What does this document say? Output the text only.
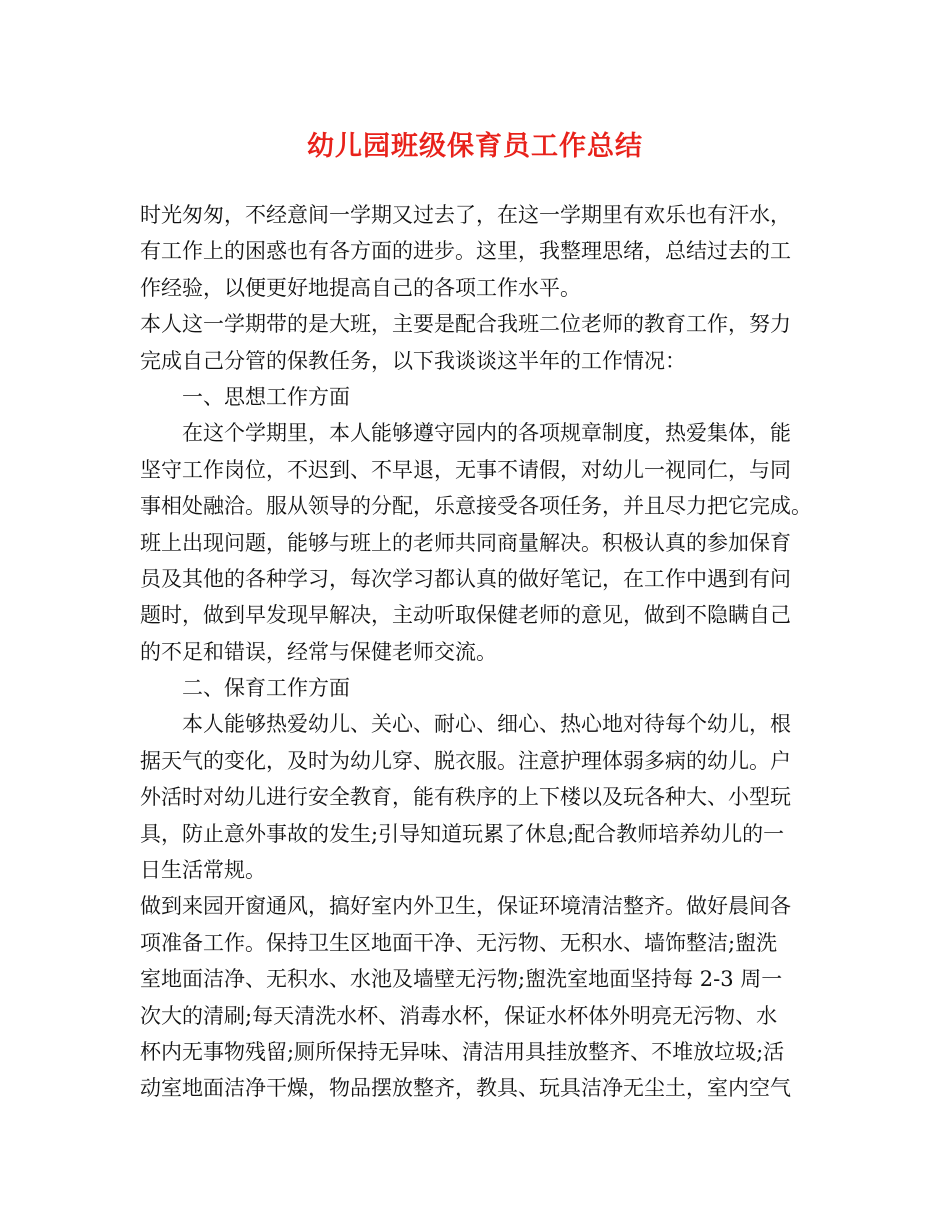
幼儿园班级保育员工作总结
时光匆匆，不经意间一学期又过去了，在这一学期里有欢乐也有汗水，
有工作上的困惑也有各方面的进步。这里，我整理思绪，总结过去的工
作经验，以便更好地提高自己的各项工作水平。
本人这一学期带的是大班，主要是配合我班二位老师的教育工作，努力
完成自己分管的保教任务，以下我谈谈这半年的工作情况：
一、思想工作方面
在这个学期里，本人能够遵守园内的各项规章制度，热爱集体，能
坚守工作岗位，不迟到、不早退，无事不请假，对幼儿一视同仁，与同
事相处融洽。服从领导的分配，乐意接受各项任务，并且尽力把它完成。
班上出现问题，能够与班上的老师共同商量解决。积极认真的参加保育
员及其他的各种学习，每次学习都认真的做好笔记，在工作中遇到有问
题时，做到早发现早解决，主动听取保健老师的意见，做到不隐瞒自己
的不足和错误，经常与保健老师交流。
二、保育工作方面
本人能够热爱幼儿、关心、耐心、细心、热心地对待每个幼儿，根
据天气的变化，及时为幼儿穿、脱衣服。注意护理体弱多病的幼儿。户
外活时对幼儿进行安全教育，能有秩序的上下楼以及玩各种大、小型玩
具，防止意外事故的发生;引导知道玩累了休息;配合教师培养幼儿的一
日生活常规。
做到来园开窗通风，搞好室内外卫生，保证环境清洁整齐。做好晨间各
项准备工作。保持卫生区地面干净、无污物、无积水、墙饰整洁;盥洗
室地面洁净、无积水、水池及墙壁无污物;盥洗室地面坚持每 2-3 周一
次大的清刷;每天清洗水杯、消毒水杯，保证水杯体外明亮无污物、水
杯内无事物残留;厕所保持无异味、清洁用具挂放整齐、不堆放垃圾;活
动室地面洁净干燥，物品摆放整齐，教具、玩具洁净无尘土，室内空气
